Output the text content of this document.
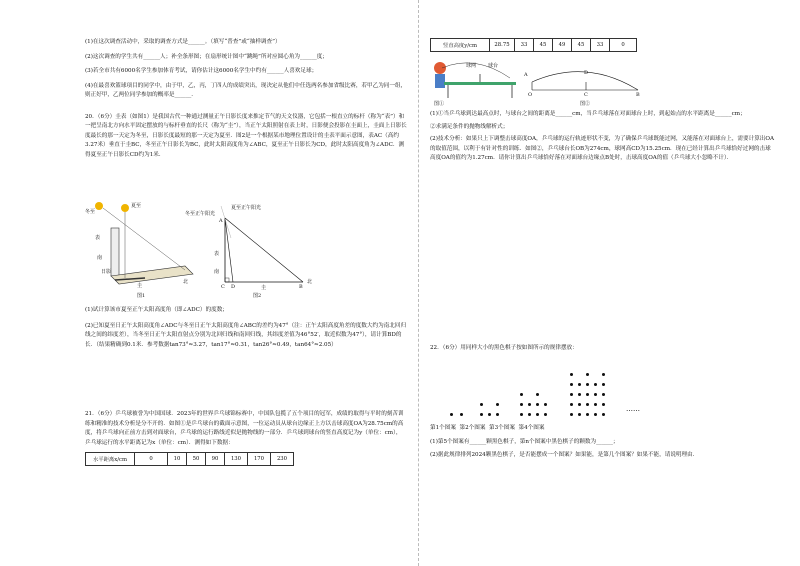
(1)在这次调查活动中，采取的调查方式是______。（填写“普查”或“抽样调查”）

(2)这次调查的学生共有______人；补全条形图；在扇形统计图中“跳绳”所对应圆心角为______度；

(3)若全市共有6000名学生参加体育考试，请你估计这6000名学生中约有______人喜欢足球；

(4)在最喜欢篮球项目的同学中，由于甲，乙，丙，丁四人的成绩突出，现决定从他们中任选两名参加省级比赛，若甲乙为同一组，则正好甲，乙两位同学参加的概率是______.

20．（6分）圭表（如图1）是我国古代一种通过测量正午日影长度来推定节气的天文仪器，它包括一根直立的标杆（称为“表”）和一把呈南北方向水平固定摆放的与标杆垂直的长尺（称为“圭”），当正午太阳照射在表上时，日影便会投影在圭面上，圭面上日影长度最长的那一天定为冬至，日影长度最短的那一天定为夏至．图2是一个根据某市地理位置设计的圭表平面示意图，表AC（高约3.27米）垂直于圭BC，冬至正午日影长为BC，此时太阳高度角为∠ABC，夏至正午日影长为CD，此时太阳高度角为∠ADC．测得夏至正午日影长CD约为1米．

冬至
夏至
表
南
日影
圭
北
图1
冬至正午阳光
夏至正午阳光
表
南
C D	圭	B
北
A
图2

(1)试计算该市夏至正午太阳高度角（即∠ADC）的度数；

(2)已知夏至日正午太阳高度角∠ADC与冬至日正午太阳高度角∠ABC的差约为47°（注：正午太阳高度角差的度数大约为南北回归线之间的纬度差），当冬至日正午太阳直射点分别为北回归线和南回归线，其纬度差值为46°52′，取近似数为47°），请计算BD的长．（结果精确到0.1米．参考数据tan73°≈3.27，tan17°≈0.31，tan26°≈0.49，tan64°≈2.05）

21．（6分）乒乓球被誉为中国国球．2023年的世界乒乓球锦标赛中，中国队包揽了五个项目的冠军，成绩的取得与平时的刻苦训练和精准的技术分析是分不开的．如图①是乒乓球台的截面示意图，一位运动员从球台边缘正上方以击球高度OA为28.75cm的高度，将乒乓球向正前方击到对面球台，乒乓球的运行路线近似是抛物线的一部分．乒乓球到球台的竖直高度记为y（单位：cm），乒乓球运行的水平距离记为x（单位：cm）．测得如下数据：

水平距离x/cm	0	10	50	90	130	170	230
竖直高度y/cm	28.75	33	45	49	45	33	0
球网 球台
图①
A	D
O	C	B
图②

(1)①当乒乓球到达最高点时，与球台之间的距离是______cm，当乒乓球落在对面球台上时，到起始点的水平距离是______cm；

②求满足条件的抛物线解析式；

(2)技术分析：如果只上下调整击球高度OA，乒乓球的运行轨迹形状不变，为了确保乒乓球既能过网，又能落在对面球台上，需要计算出OA的取值范围，以利于有针对性的训练．如图②，乒乓球台长OB为274cm，球网高CD为15.25cm．现在已经计算出乒乓球恰好过网的击球高度OA的值约为1.27cm．请你计算出乒乓球恰好落在对面球台边缘点B处时，击球高度OA的值（乒乓球大小忽略不计）．

22．（6分）用同样大小的黑色棋子按如图所示的规律摆放：

第1个图案 第2个图案 第3个图案 第4个图案

(1)第5个图案有______颗黑色棋子，第n个图案中黑色棋子的颗数为______；

(2)据此规律排列2024颗黑色棋子，是否能摆成一个图案？如果能，是第几个图案？如果不能，请说明理由．

……
